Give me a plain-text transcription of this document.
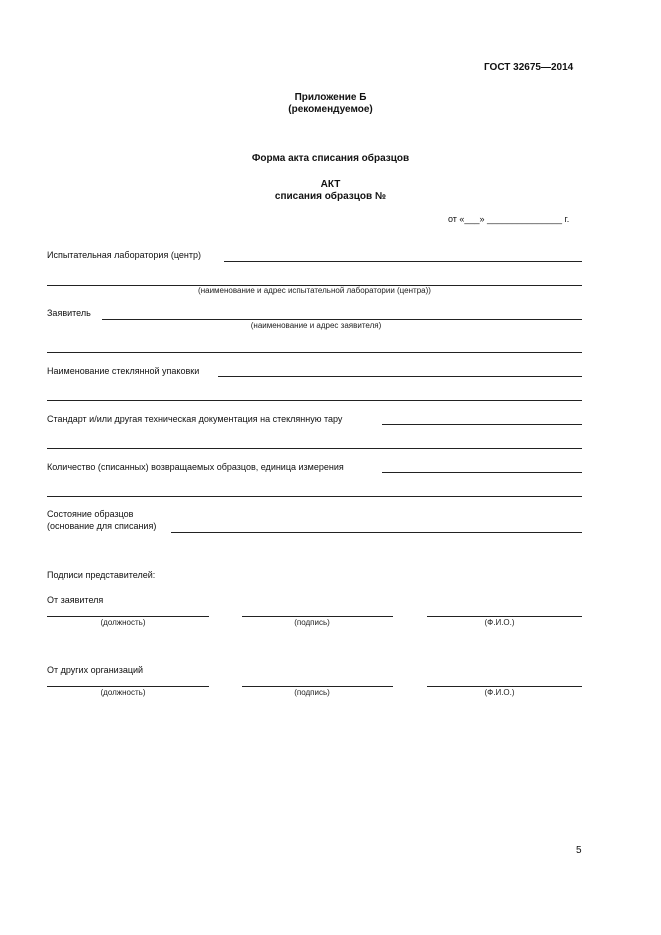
ГОСТ 32675—2014
Приложение Б
(рекомендуемое)
Форма акта списания образцов
АКТ
списания образцов №
от «___» _______________ г.
Испытательная лаборатория (центр)
(наименование и адрес испытательной лаборатории (центра))
Заявитель
(наименование и адрес заявителя)
Наименование стеклянной упаковки
Стандарт и/или другая техническая документация на стеклянную тару
Количество (списанных) возвращаемых образцов, единица измерения
Состояние образцов
(основание для списания)
Подписи представителей:
От заявителя
(должность)	(подпись)	(Ф.И.О.)
От других организаций
(должность)	(подпись)	(Ф.И.О.)
5
